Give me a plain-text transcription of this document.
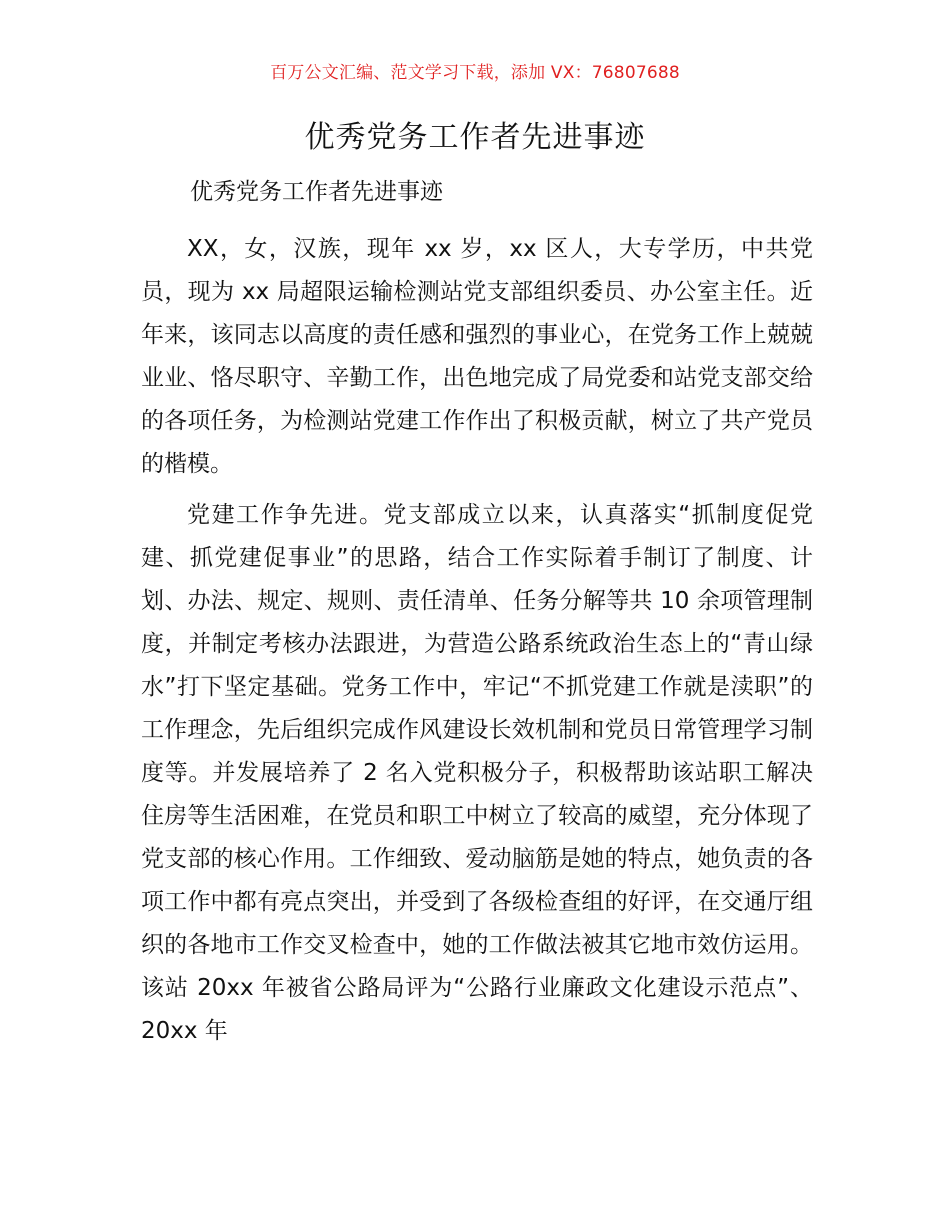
百万公文汇编、范文学习下载，添加 VX：76807688
优秀党务工作者先进事迹
优秀党务工作者先进事迹

XX，女，汉族，现年 xx 岁，xx 区人，大专学历，中共党员，现为 xx 局超限运输检测站党支部组织委员、办公室主任。近年来，该同志以高度的责任感和强烈的事业心，在党务工作上兢兢业业、恪尽职守、辛勤工作，出色地完成了局党委和站党支部交给的各项任务，为检测站党建工作作出了积极贡献，树立了共产党员的楷模。

党建工作争先进。党支部成立以来，认真落实“抓制度促党建、抓党建促事业”的思路，结合工作实际着手制订了制度、计划、办法、规定、规则、责任清单、任务分解等共 10 余项管理制度，并制定考核办法跟进，为营造公路系统政治生态上的“青山绿水”打下坚定基础。党务工作中，牢记“不抓党建工作就是渎职”的工作理念，先后组织完成作风建设长效机制和党员日常管理学习制度等。并发展培养了 2 名入党积极分子，积极帮助该站职工解决住房等生活困难，在党员和职工中树立了较高的威望，充分体现了党支部的核心作用。工作细致、爱动脑筋是她的特点，她负责的各项工作中都有亮点突出，并受到了各级检查组的好评，在交通厅组织的各地市工作交叉检查中，她的工作做法被其它地市效仿运用。该站 20xx 年被省公路局评为“公路行业廉政文化建设示范点”、20xx 年
